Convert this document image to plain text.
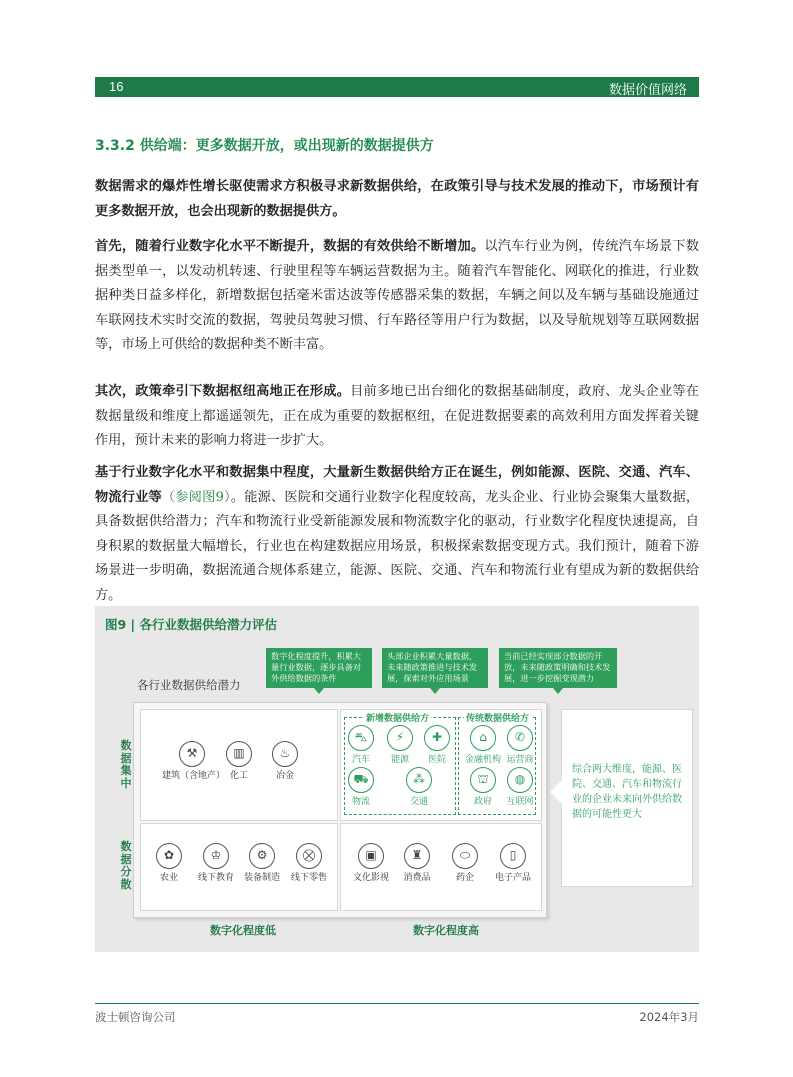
16	数据价值网络
3.3.2 供给端：更多数据开放，或出现新的数据提供方
数据需求的爆炸性增长驱使需求方积极寻求新数据供给，在政策引导与技术发展的推动下，市场预计有更多数据开放，也会出现新的数据提供方。
首先，随着行业数字化水平不断提升，数据的有效供给不断增加。以汽车行业为例，传统汽车场景下数据类型单一，以发动机转速、行驶里程等车辆运营数据为主。随着汽车智能化、网联化的推进，行业数据种类日益多样化，新增数据包括毫米雷达波等传感器采集的数据，车辆之间以及车辆与基础设施通过车联网技术实时交流的数据，驾驶员驾驶习惯、行车路径等用户行为数据，以及导航规划等互联网数据等，市场上可供给的数据种类不断丰富。
其次，政策牵引下数据枢纽高地正在形成。目前多地已出台细化的数据基础制度，政府、龙头企业等在数据量级和维度上都遥遥领先，正在成为重要的数据枢纽，在促进数据要素的高效利用方面发挥着关键作用，预计未来的影响力将进一步扩大。
基于行业数字化水平和数据集中程度，大量新生数据供给方正在诞生，例如能源、医院、交通、汽车、物流行业等（参阅图9）。能源、医院和交通行业数字化程度较高，龙头企业、行业协会聚集大量数据，具备数据供给潜力；汽车和物流行业受新能源发展和物流数字化的驱动，行业数字化程度快速提高，自身积累的数据量大幅增长，行业也在构建数据应用场景，积极探索数据变现方式。我们预计，随着下游场景进一步明确，数据流通合规体系建立，能源、医院、交通、汽车和物流行业有望成为新的数据供给方。
图9 | 各行业数据供给潜力评估
数字化程度提升，积累大量行业数据，逐步具备对外供给数据的条件
头部企业积累大量数据，未来随政策推进与技术发展，探索对外应用场景
当前已经实现部分数据的开放，未来随政策明确和技术发展，进一步挖掘变现潜力
各行业数据供给潜力
数据集中
数据分散
⚒
建筑（含地产）
▥
化工
♨
冶金
新增数据供给方	传统数据供给方
⛍
汽车
⚡
能源
✚
医院
⛟
物流
⁂
交通
⌂
金融机构
✆
运营商
⛫
政府
◍
互联网
✿
农业
♔
线下教育
⚙
装备制造
⛒
线下零售
▣
文化影视
♜
消费品
⬭
药企
▯
电子产品
数字化程度低	数字化程度高
综合两大维度，能源、医院、交通、汽车和物流行业的企业未来向外供给数据的可能性更大
波士顿咨询公司	2024年3月
